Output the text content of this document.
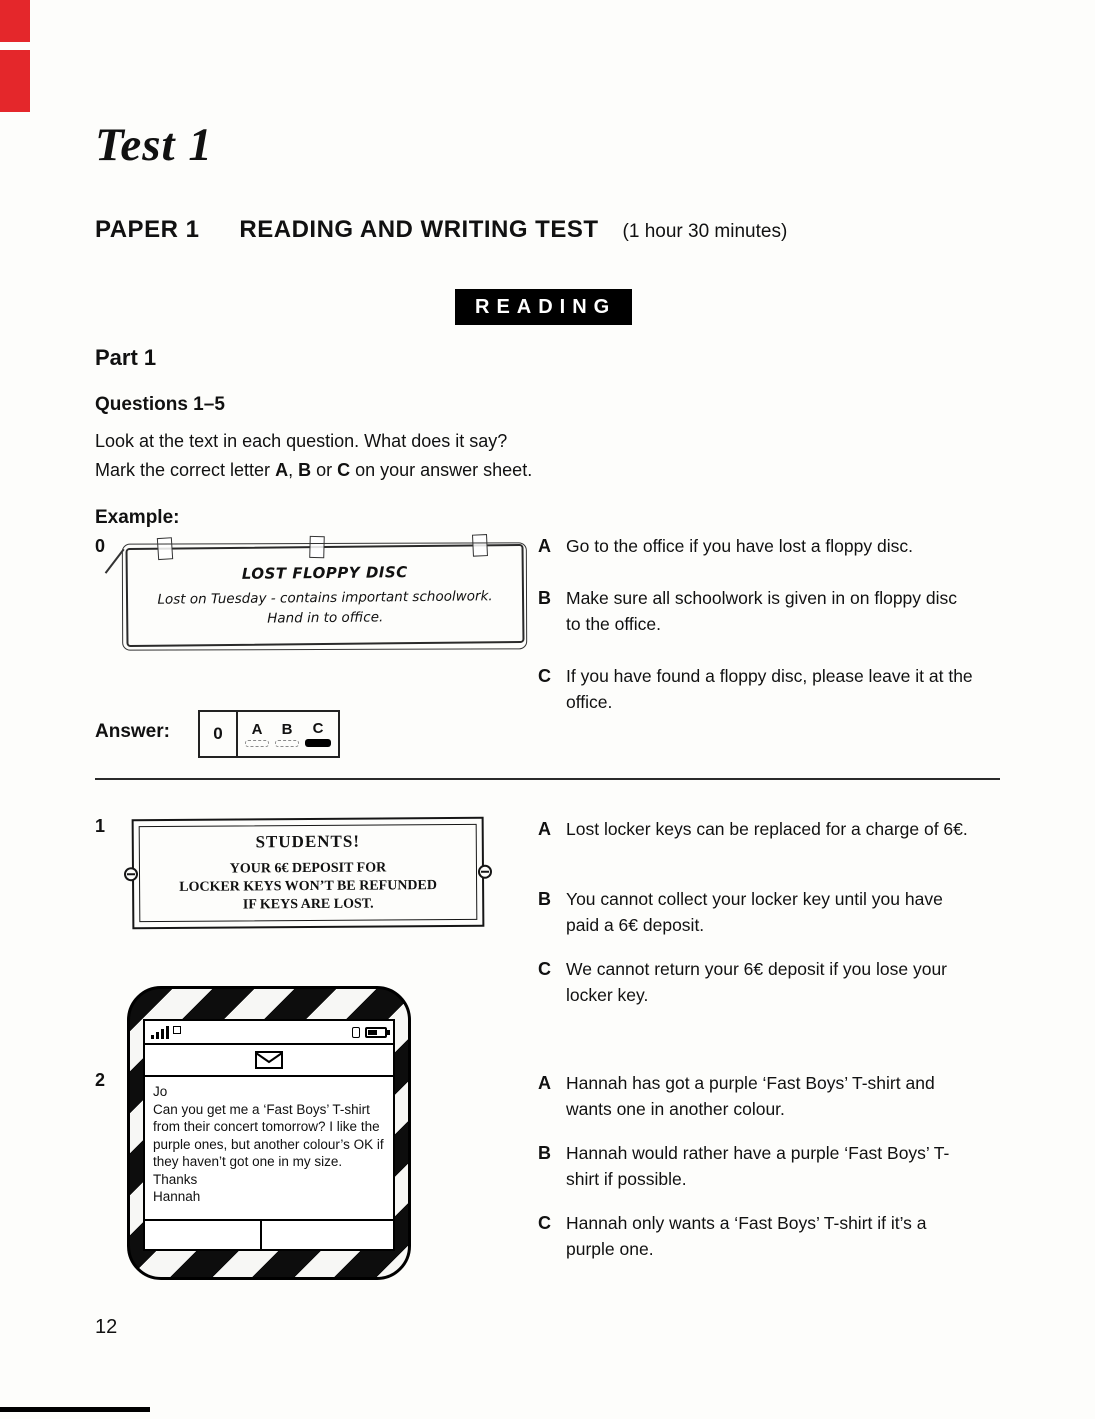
Test 1
PAPER 1 READING AND WRITING TEST (1 hour 30 minutes)
READING
Part 1
Questions 1–5

Look at the text in each question. What does it say?

Mark the correct letter A, B or C on your answer sheet.

Example:
0
LOST FLOPPY DISC
Lost on Tuesday - contains important schoolwork.
Hand in to office.
A Go to the office if you have lost a floppy disc.
B Make sure all schoolwork is given in on floppy disc to the office.
C If you have found a floppy disc, please leave it at the office.
Answer:	0	A B C
1
STUDENTS!
YOUR 6€ DEPOSIT FOR
LOCKER KEYS WON’T BE REFUNDED
IF KEYS ARE LOST.
A Lost locker keys can be replaced for a charge of 6€.
B You cannot collect your locker key until you have paid a 6€ deposit.
C We cannot return your 6€ deposit if you lose your locker key.
2
Jo
Can you get me a ‘Fast Boys’ T-shirt from their concert tomorrow? I like the purple ones, but another colour’s OK if they haven’t got one in my size.
Thanks
Hannah
A Hannah has got a purple ‘Fast Boys’ T-shirt and wants one in another colour.
B Hannah would rather have a purple ‘Fast Boys’ T-shirt if possible.
C Hannah only wants a ‘Fast Boys’ T-shirt if it’s a purple one.
12
